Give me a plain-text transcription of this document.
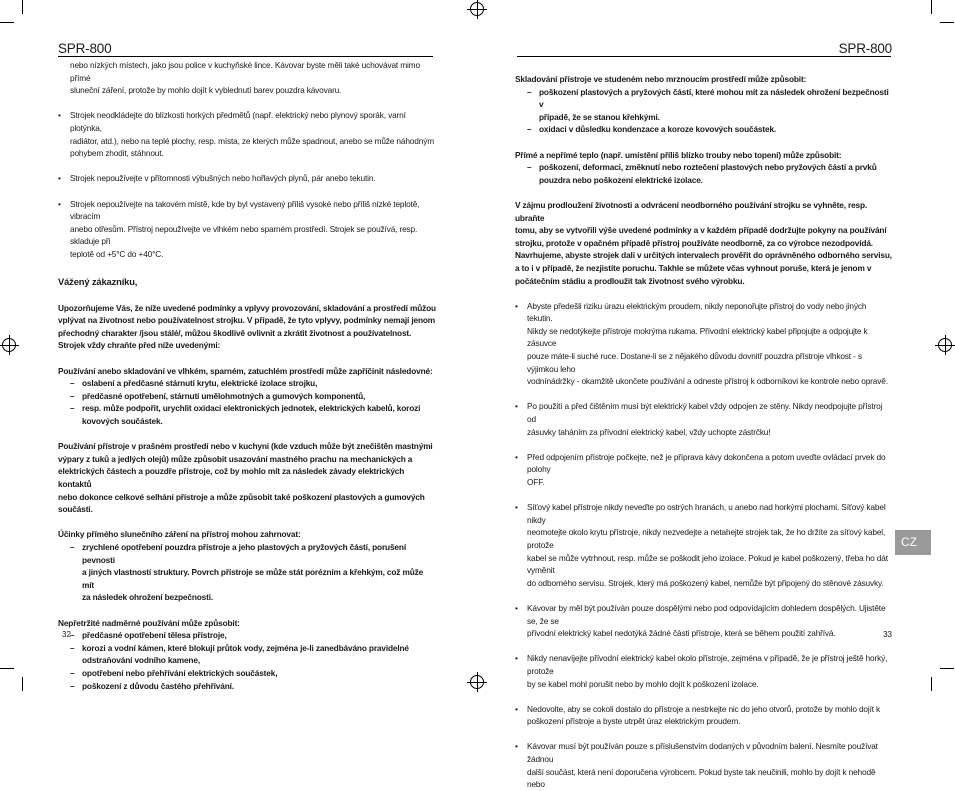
SPR-800
nebo nízkých místech, jako jsou police v kuchyňské lince. Kávovar byste měli také uchovávat mimo přímé
sluneční záření, protože by mohlo dojít k vyblednutí barev pouzdra kávovaru.
• Strojek neodkládejte do blízkosti horkých předmětů (např. elektrický nebo plynový sporák, varní plotýnka,
radiátor, atd.), nebo na teplé plochy, resp. místa, ze kterých může spadnout, anebo se může náhodným
pohybem zhodit, stáhnout.
• Strojek nepoužívejte v přítomnosti výbušných nebo hořlavých plynů, pár anebo tekutin.
• Strojek nepoužívejte na takovém místě, kde by byl vystavený příliš vysoké nebo příliš nízké teplotě, vibracím
anebo otřesům. Přístroj nepoužívejte ve vlhkém nebo sparném prostředí. Strojek se používá, resp. skladuje při
teplotě od +5°C do +40°C.
Vážený zákazníku,
Upozorňujeme Vás, že níže uvedené podmínky a vplyvy provozování, skladování a prostředí můžou
vplývat na životnost nebo používatelnost strojku. V případě, že tyto vplyvy, podmínky nemají jenom
přechodný charakter /jsou stálé/, můžou škodlivě ovlivnit a zkrátit životnost a používatelnost.
Strojek vždy chraňte před níže uvedenými:
Používání anebo skladování ve vlhkém, sparném, zatuchlém prostředí může zapříčinit následovné:
– oslabení a předčasné stárnutí krytu, elektrické izolace strojku,
– předčasné opotřebení, stárnutí umělohmotných a gumových komponentů,
– resp. může podpořit, urychlit oxidaci elektronických jednotek, elektrických kabelů, korozi
kovových součástek.
Používání přístroje v prašném prostředí nebo v kuchyni (kde vzduch může být znečištěn mastnými
výpary z tuků a jedlých olejů) může způsobit usazování mastného prachu na mechanických a
elektrických částech a pouzdře přístroje, což by mohlo mít za následek závady elektrických kontaktů
nebo dokonce celkové selhání přístroje a může způsobit také poškození plastových a gumových
součástí.
Účinky přímého slunečního záření na přístroj mohou zahrnovat:
– zrychlené opotřebení pouzdra přístroje a jeho plastových a pryžových částí, porušení pevnosti
a jiných vlastností struktury. Povrch přístroje se může stát porézním a křehkým, což může mít
za následek ohrožení bezpečnosti.
Nepřetržité nadměrné používání může způsobit:
– předčasné opotřebení tělesa přístroje,
– korozi a vodní kámen, které blokují průtok vody, zejména je-li zanedbáváno pravidelné
odstraňování vodního kamene,
– opotřebení nebo přehřívání elektrických součástek,
– poškození z důvodu častého přehřívání.
32
SPR-800
Skladování přístroje ve studeném nebo mrznoucím prostředí může způsobit:
– poškození plastových a pryžových částí, které mohou mít za následek ohrožení bezpečnosti v
případě, že se stanou křehkými.
– oxidaci v důsledku kondenzace a koroze kovových součástek.
Přímé a nepřímé teplo (např. umístění příliš blízko trouby nebo topení) může způsobit:
– poškození, deformaci, změknutí nebo roztečení plastových nebo pryžových částí a prvků
pouzdra nebo poškození elektrické izolace.
V zájmu prodloužení životnosti a odvrácení neodborného používání strojku se vyhněte, resp. ubraňte
tomu, aby se vytvořili výše uvedené podmínky a v každém případě dodržujte pokyny na používání
strojku, protože v opačném případě přístroj používáte neodborně, za co výrobce nezodpovídá.
Navrhujeme, abyste strojek dali v určitých intervalech prověřit do oprávněného odborného servisu,
a to i v případě, že nezjistíte poruchu. Takhle se můžete včas vyhnout poruše, která je jenom v
počátečním stádiu a prodloužit tak životnost svého výrobku.
• Abyste předešli riziku úrazu elektrickým proudem, nikdy neponořujte přístroj do vody nebo jiných tekutin.
Nikdy se nedotýkejte přístroje mokrýma rukama. Přívodní elektrický kabel připojujte a odpojujte k zásuvce
pouze máte-li suché ruce. Dostane-li se z nějakého důvodu dovnitř pouzdra přístroje vlhkost - s výjimkou leho
vodnínádržky - okamžitě ukončete používání a odneste přístroj k odborníkovi ke kontrole nebo opravě.
• Po použití a před čištěním musí být elektrický kabel vždy odpojen ze stěny. Nikdy neodpojujte přístroj od
zásuvky taháním za přívodní elektrický kabel, vždy uchopte zástrčku!
• Před odpojením přístroje počkejte, než je příprava kávy dokončena a potom uveďte ovládací prvek do polohy
OFF.
• Síťový kabel přístroje nikdy neveďte po ostrých hranách, u anebo nad horkými plochami. Síťový kabel nikdy
neomotejte okolo krytu přístroje, nikdy nezvedejte a netahejte strojek tak, že ho držíte za síťový kabel, protože
kabel se může vytrhnout, resp. může se poškodit jeho izolace. Pokud je kabel poškozený, třeba ho dát vyměnit
do odborného servisu. Strojek, který má poškozený kabel, nemůže být připojený do stěnové zásuvky.
• Kávovar by měl být používán pouze dospělými nebo pod odpovídajícím dohledem dospělých. Ujistěte se, že se
přívodní elektrický kabel nedotýká žádné části přístroje, která se během použití zahřívá.
• Nikdy nenavíjejte přívodní elektrický kabel okolo přístroje, zejména v případě, že je přístroj ještě horký, protože
by se kabel mohl porušit nebo by mohlo dojít k poškození izolace.
• Nedovolte, aby se cokoli dostalo do přístroje a nestrkejte nic do jeho otvorů, protože by mohlo dojít k
poškození přístroje a byste utrpět úraz elektrickým proudem.
• Kávovar musí být používán pouze s příslušenstvím dodaných v původním balení. Nesmíte používat žádnou
další součást, která není doporučena výrobcem. Pokud byste tak neučinili, mohlo by dojít k nehodě nebo
33
CZ
